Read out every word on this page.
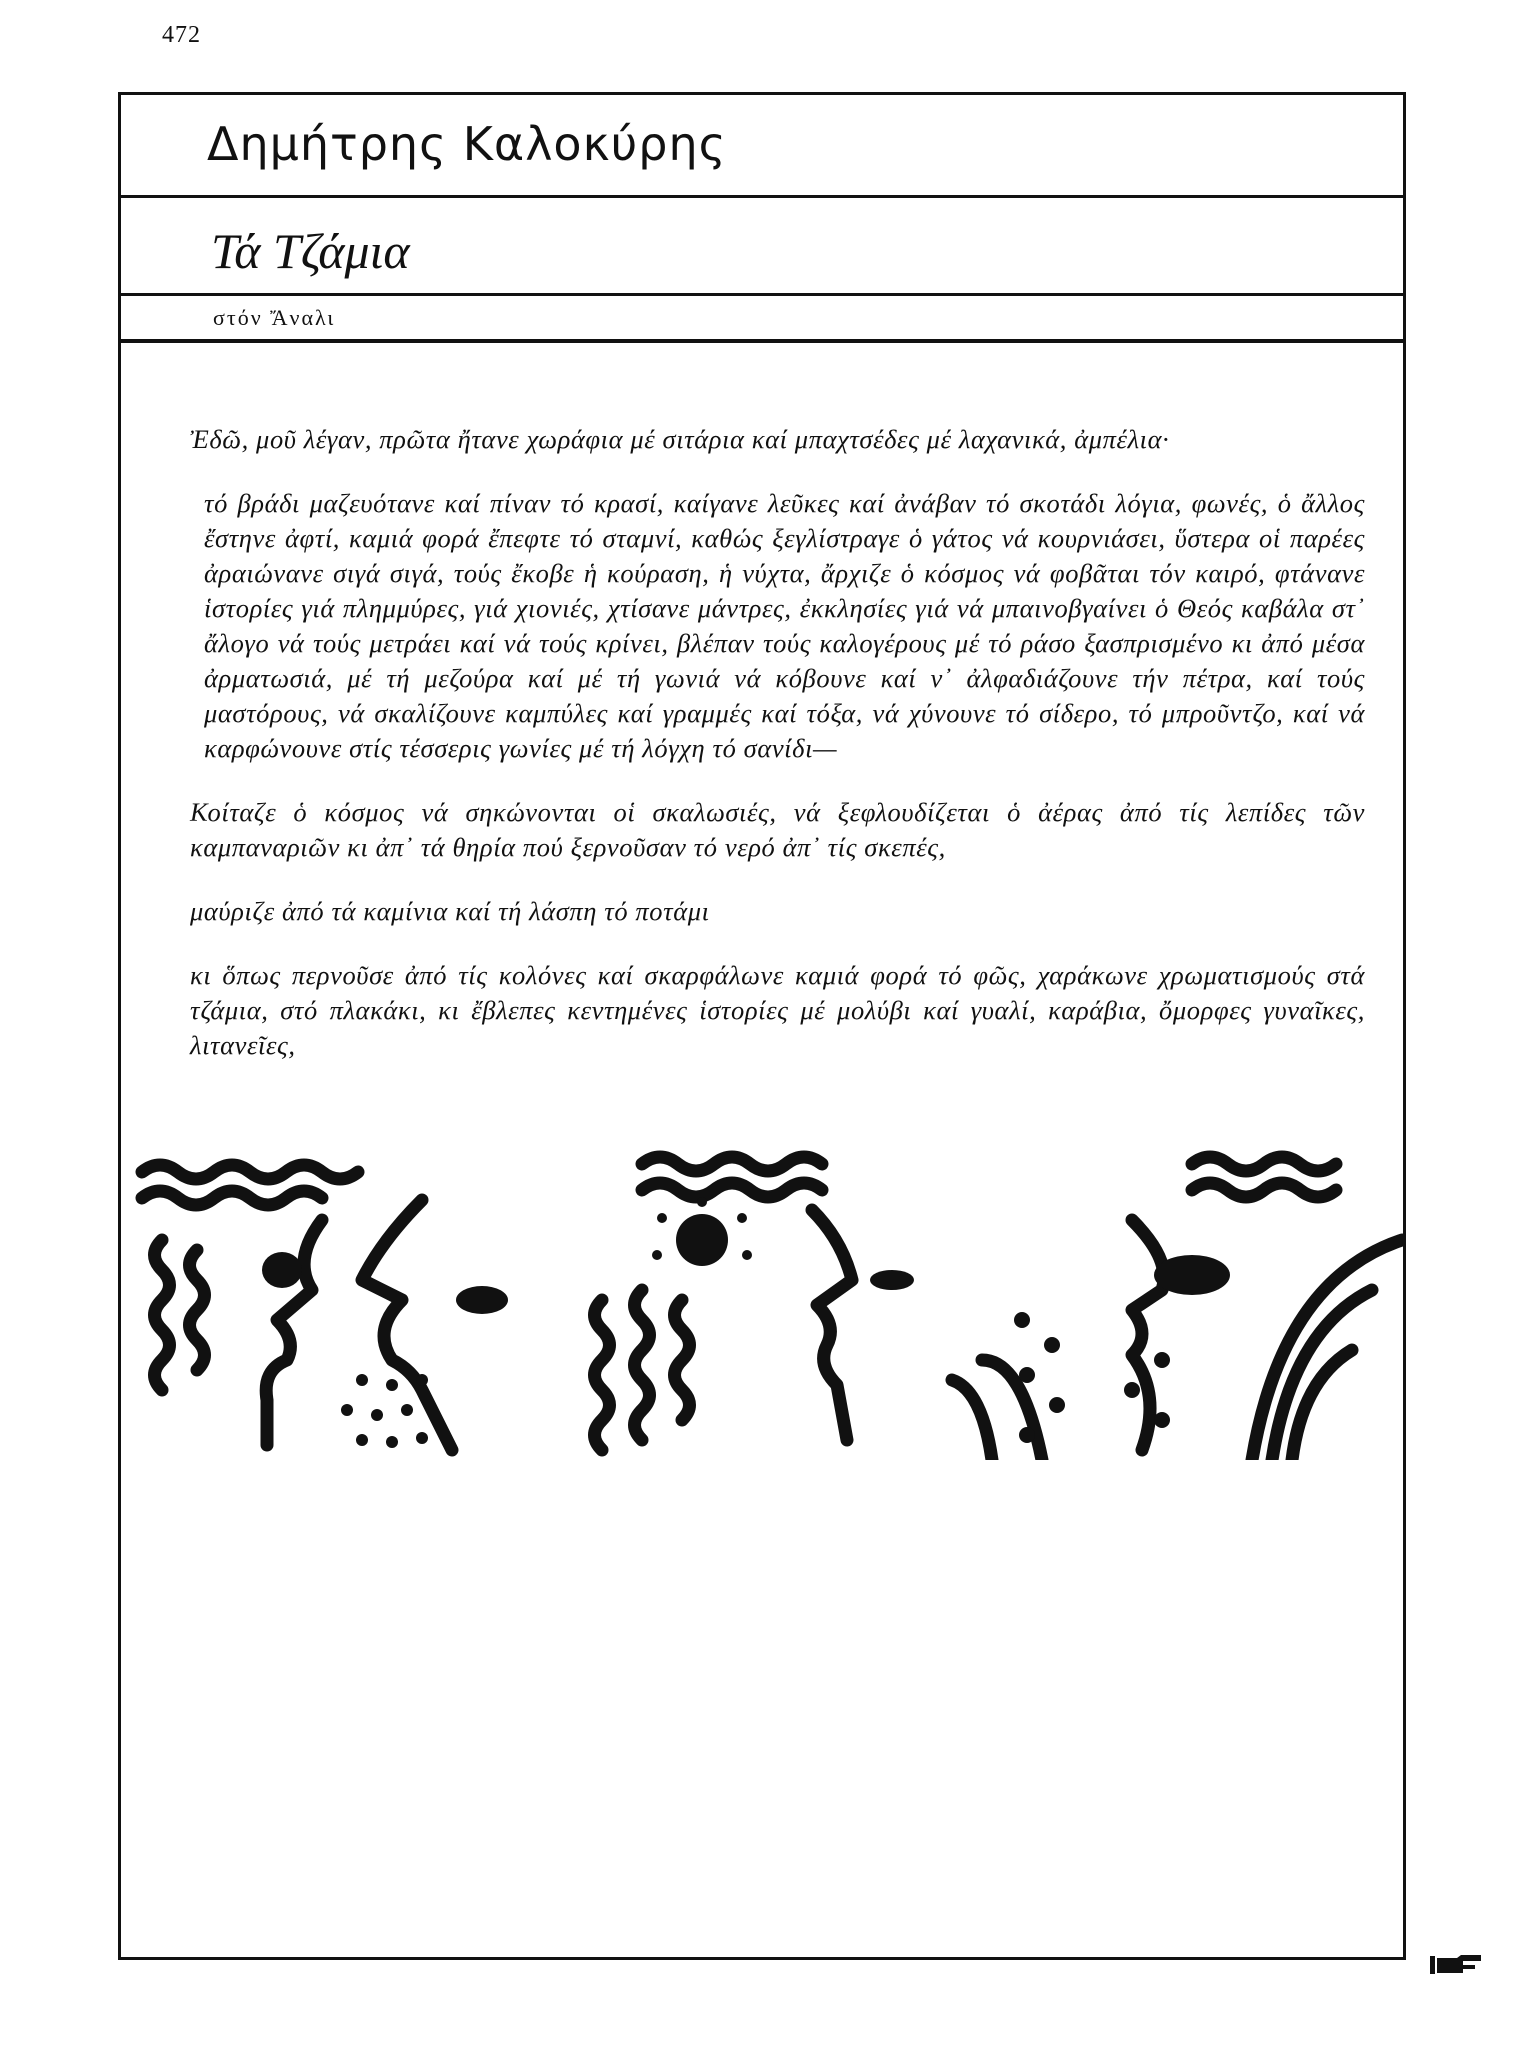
472
Δημήτρης Καλοκύρης
Τά Τζάμια
στόν Ἄναλι

Ἐδῶ, μοῦ λέγαν, πρῶτα ἤτανε χωράφια μέ σιτάρια καί μπαχτσέδες μέ λαχανικά, ἀμπέλια·

τό βράδι μαζευότανε καί πίναν τό κρασί, καίγανε λεῦκες καί ἀνάβαν τό σκοτάδι λόγια, φωνές, ὁ ἄλλος ἔστηνε ἀφτί, καμιά φορά ἔπεφτε τό σταμνί, καθώς ξεγλίστραγε ὁ γάτος νά κουρνιάσει, ὕστερα οἱ παρέες ἀραιώνανε σιγά σιγά, τούς ἔκοβε ἡ κούραση, ἡ νύχτα, ἄρχιζε ὁ κόσμος νά φοβᾶται τόν καιρό, φτάνανε ἱστορίες γιά πλημμύρες, γιά χιονιές, χτίσανε μάντρες, ἐκκλησίες γιά νά μπαινοβγαίνει ὁ Θεός καβάλα στ᾿ ἄλογο νά τούς μετράει καί νά τούς κρίνει, βλέπαν τούς καλογέρους μέ τό ράσο ξασπρισμένο κι ἀπό μέσα ἀρματωσιά, μέ τή μεζούρα καί μέ τή γωνιά νά κόβουνε καί ν᾿ ἀλφαδιάζουνε τήν πέτρα, καί τούς μαστόρους, νά σκαλίζουνε καμπύλες καί γραμμές καί τόξα, νά χύνουνε τό σίδερο, τό μπροῦντζο, καί νά καρφώνουνε στίς τέσσερις γωνίες μέ τή λόγχη τό σανίδι—

Κοίταζε ὁ κόσμος νά σηκώνονται οἱ σκαλωσιές, νά ξεφλουδίζεται ὁ ἀέρας ἀπό τίς λεπίδες τῶν καμπαναριῶν κι ἀπ᾿ τά θηρία πού ξερνοῦσαν τό νερό ἀπ᾿ τίς σκεπές,

μαύριζε ἀπό τά καμίνια καί τή λάσπη τό ποτάμι

κι ὅπως περνοῦσε ἀπό τίς κολόνες καί σκαρφάλωνε καμιά φορά τό φῶς, χαράκωνε χρωματισμούς στά τζάμια, στό πλακάκι, κι ἔβλεπες κεντημένες ἱστορίες μέ μολύβι καί γυαλί, καράβια, ὄμορφες γυναῖκες, λιτανεῖες,
